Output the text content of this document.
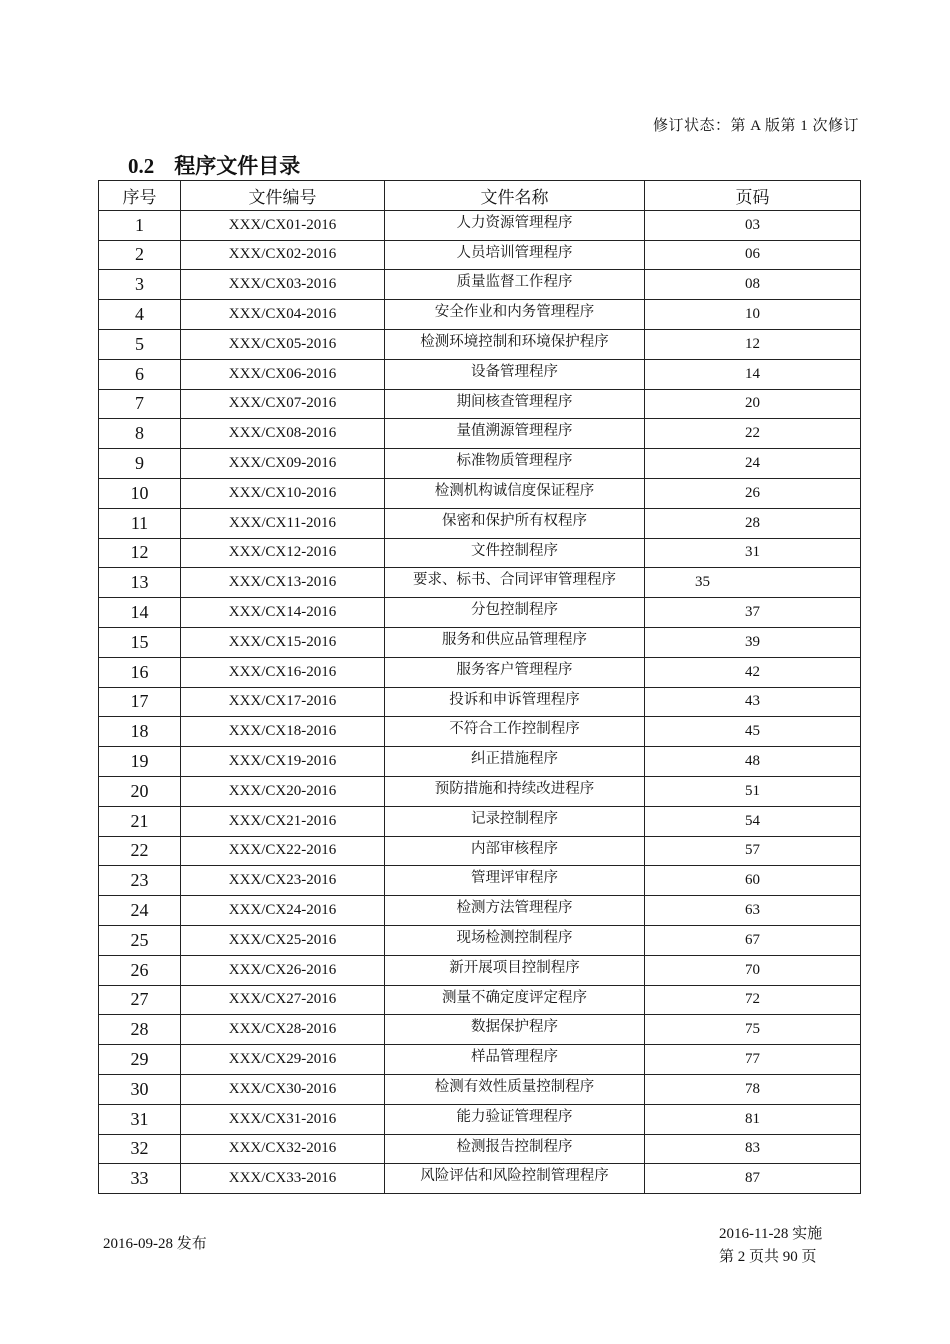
修订状态：第 A 版第 1 次修订
0.2 程序文件目录
序号	文件编号	文件名称	页码
1	XXX/CX01-2016	人力资源管理程序	03
2	XXX/CX02-2016	人员培训管理程序	06
3	XXX/CX03-2016	质量监督工作程序	08
4	XXX/CX04-2016	安全作业和内务管理程序	10
5	XXX/CX05-2016	检测环境控制和环境保护程序	12
6	XXX/CX06-2016	设备管理程序	14
7	XXX/CX07-2016	期间核查管理程序	20
8	XXX/CX08-2016	量值溯源管理程序	22
9	XXX/CX09-2016	标准物质管理程序	24
10	XXX/CX10-2016	检测机构诚信度保证程序	26
11	XXX/CX11-2016	保密和保护所有权程序	28
12	XXX/CX12-2016	文件控制程序	31
13	XXX/CX13-2016	要求、标书、合同评审管理程序	35
14	XXX/CX14-2016	分包控制程序	37
15	XXX/CX15-2016	服务和供应品管理程序	39
16	XXX/CX16-2016	服务客户管理程序	42
17	XXX/CX17-2016	投诉和申诉管理程序	43
18	XXX/CX18-2016	不符合工作控制程序	45
19	XXX/CX19-2016	纠正措施程序	48
20	XXX/CX20-2016	预防措施和持续改进程序	51
21	XXX/CX21-2016	记录控制程序	54
22	XXX/CX22-2016	内部审核程序	57
23	XXX/CX23-2016	管理评审程序	60
24	XXX/CX24-2016	检测方法管理程序	63
25	XXX/CX25-2016	现场检测控制程序	67
26	XXX/CX26-2016	新开展项目控制程序	70
27	XXX/CX27-2016	测量不确定度评定程序	72
28	XXX/CX28-2016	数据保护程序	75
29	XXX/CX29-2016	样品管理程序	77
30	XXX/CX30-2016	检测有效性质量控制程序	78
31	XXX/CX31-2016	能力验证管理程序	81
32	XXX/CX32-2016	检测报告控制程序	83
33	XXX/CX33-2016	风险评估和风险控制管理程序	87
2016-09-28 发布
2016-11-28 实施
第 2 页共 90 页
